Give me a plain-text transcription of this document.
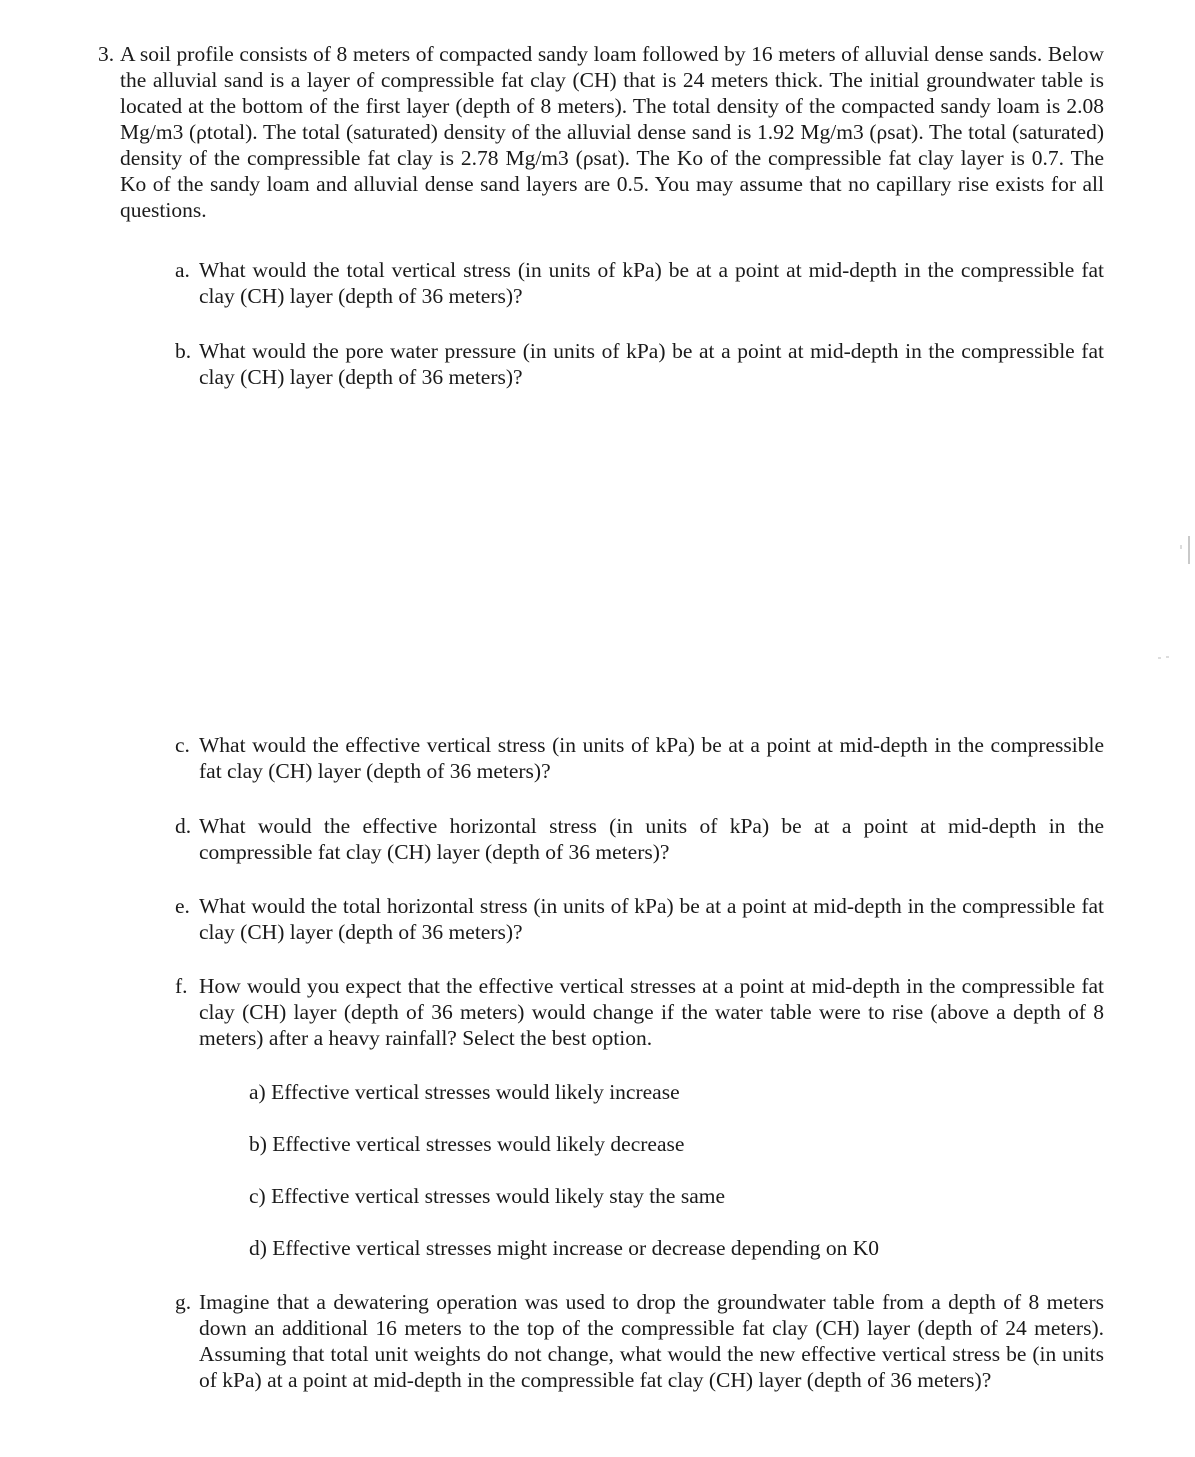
3. A soil profile consists of 8 meters of compacted sandy loam followed by 16 meters of alluvial dense sands. Below the alluvial sand is a layer of compressible fat clay (CH) that is 24 meters thick. The initial groundwater table is located at the bottom of the first layer (depth of 8 meters). The total density of the compacted sandy loam is 2.08 Mg/m3 (ρtotal). The total (saturated) density of the alluvial dense sand is 1.92 Mg/m3 (ρsat). The total (saturated) density of the compressible fat clay is 2.78 Mg/m3 (ρsat). The Ko of the compressible fat clay layer is 0.7. The Ko of the sandy loam and alluvial dense sand layers are 0.5. You may assume that no capillary rise exists for all questions.
a. What would the total vertical stress (in units of kPa) be at a point at mid-depth in the compressible fat clay (CH) layer (depth of 36 meters)?
b. What would the pore water pressure (in units of kPa) be at a point at mid-depth in the compressible fat clay (CH) layer (depth of 36 meters)?
c. What would the effective vertical stress (in units of kPa) be at a point at mid-depth in the compressible fat clay (CH) layer (depth of 36 meters)?
d. What would the effective horizontal stress (in units of kPa) be at a point at mid-depth in the compressible fat clay (CH) layer (depth of 36 meters)?
e. What would the total horizontal stress (in units of kPa) be at a point at mid-depth in the compressible fat clay (CH) layer (depth of 36 meters)?
f. How would you expect that the effective vertical stresses at a point at mid-depth in the compressible fat clay (CH) layer (depth of 36 meters) would change if the water table were to rise (above a depth of 8 meters) after a heavy rainfall? Select the best option.
a) Effective vertical stresses would likely increase
b) Effective vertical stresses would likely decrease
c) Effective vertical stresses would likely stay the same
d) Effective vertical stresses might increase or decrease depending on K0
g. Imagine that a dewatering operation was used to drop the groundwater table from a depth of 8 meters down an additional 16 meters to the top of the compressible fat clay (CH) layer (depth of 24 meters). Assuming that total unit weights do not change, what would the new effective vertical stress be (in units of kPa) at a point at mid-depth in the compressible fat clay (CH) layer (depth of 36 meters)?
